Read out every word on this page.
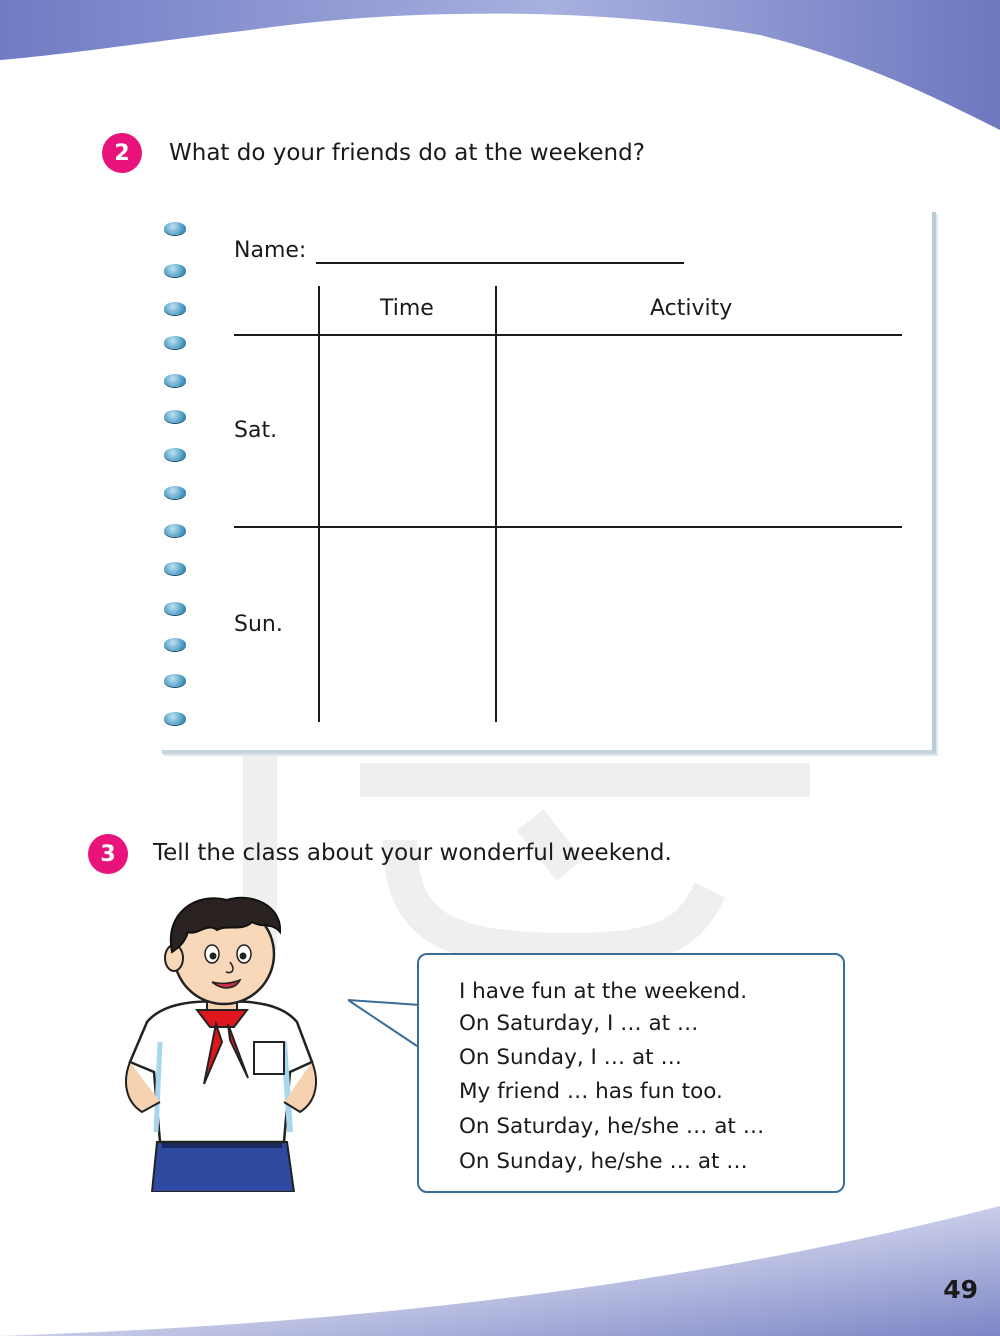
2 What do your friends do at the weekend?
Name:
Time	Activity
Sat.
Sun.
3 Tell the class about your wonderful weekend.
I have fun at the weekend.
On Saturday, I … at …
On Sunday, I … at …
My friend … has fun too.
On Saturday, he/she … at …
On Sunday, he/she … at …
49
